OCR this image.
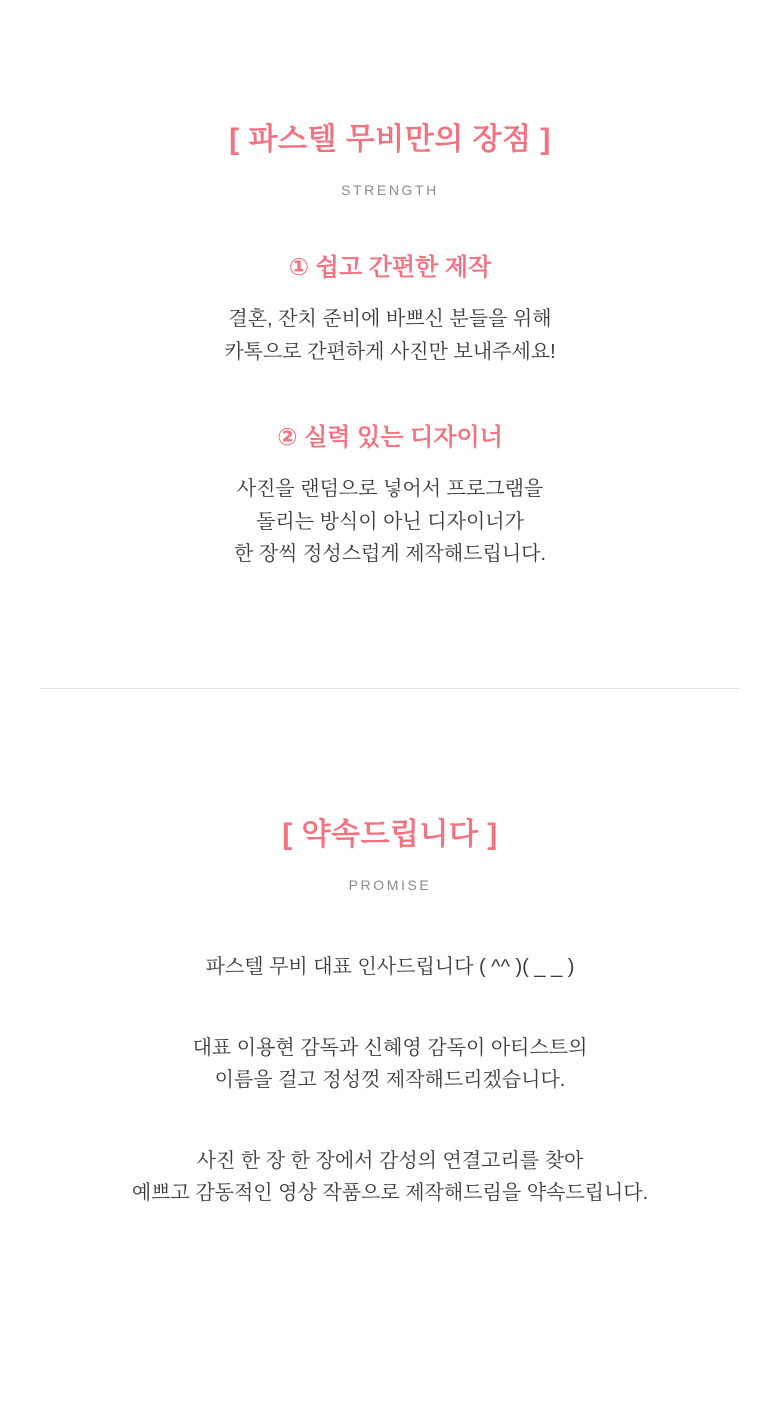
[ 파스텔 무비만의 장점 ]
STRENGTH
① 쉽고 간편한 제작
결혼, 잔치 준비에 바쁘신 분들을 위해
카톡으로 간편하게 사진만 보내주세요!
② 실력 있는 디자이너
사진을 랜덤으로 넣어서 프로그램을
돌리는 방식이 아닌 디자이너가
한 장씩 정성스럽게 제작해드립니다.
[ 약속드립니다 ]
PROMISE
파스텔 무비 대표 인사드립니다 ( ^^ )( _ _ )
대표 이용현 감독과 신혜영 감독이 아티스트의
이름을 걸고 정성껏 제작해드리겠습니다.
사진 한 장 한 장에서 감성의 연결고리를 찾아
예쁘고 감동적인 영상 작품으로 제작해드림을 약속드립니다.
